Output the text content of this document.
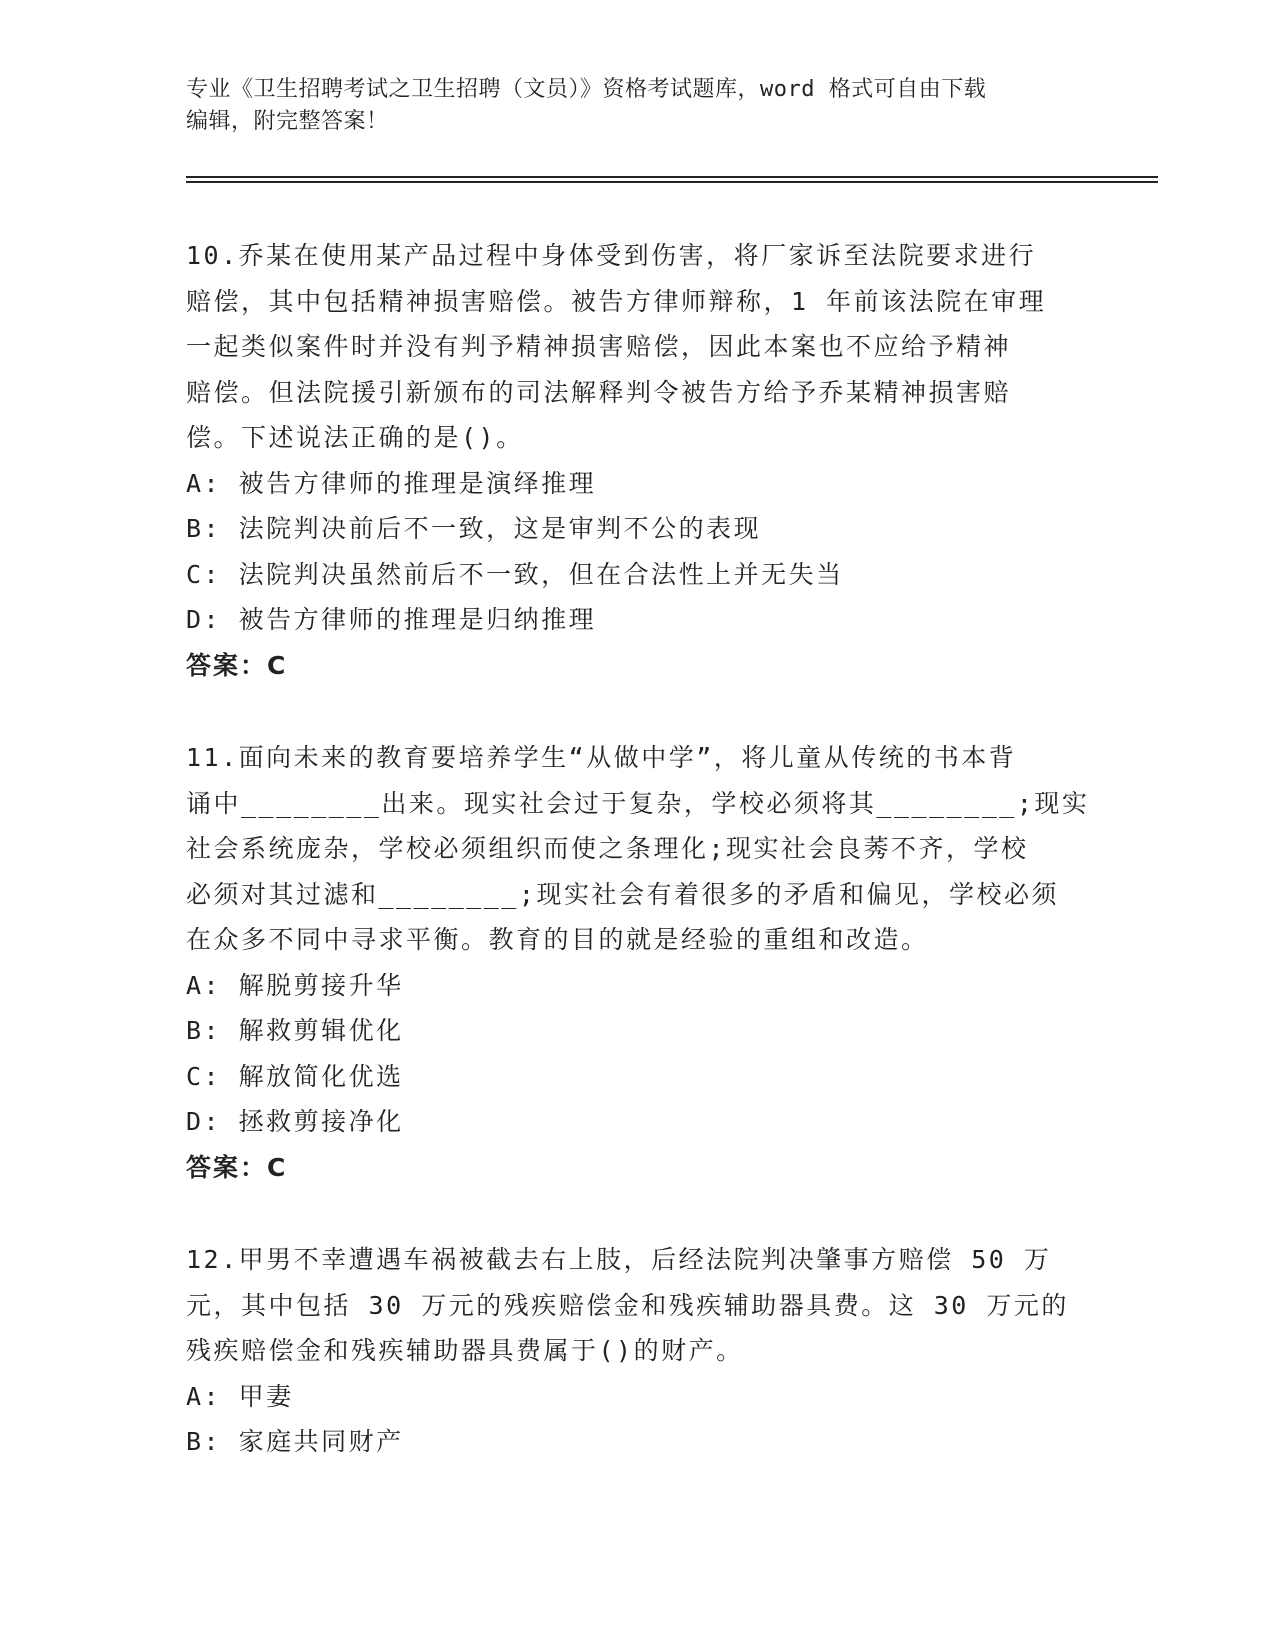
专业《卫生招聘考试之卫生招聘（文员）》资格考试题库，word 格式可自由下载
编辑，附完整答案！
10.乔某在使用某产品过程中身体受到伤害，将厂家诉至法院要求进行
赔偿，其中包括精神损害赔偿。被告方律师辩称，1 年前该法院在审理
一起类似案件时并没有判予精神损害赔偿，因此本案也不应给予精神
赔偿。但法院援引新颁布的司法解释判令被告方给予乔某精神损害赔
偿。下述说法正确的是()。
A: 被告方律师的推理是演绎推理
B: 法院判决前后不一致，这是审判不公的表现
C: 法院判决虽然前后不一致，但在合法性上并无失当
D: 被告方律师的推理是归纳推理
答案：C
11.面向未来的教育要培养学生“从做中学”，将儿童从传统的书本背
诵中________出来。现实社会过于复杂，学校必须将其________;现实
社会系统庞杂，学校必须组织而使之条理化;现实社会良莠不齐，学校
必须对其过滤和________;现实社会有着很多的矛盾和偏见，学校必须
在众多不同中寻求平衡。教育的目的就是经验的重组和改造。
A: 解脱剪接升华
B: 解救剪辑优化
C: 解放简化优选
D: 拯救剪接净化
答案：C
12.甲男不幸遭遇车祸被截去右上肢，后经法院判决肇事方赔偿 50 万
元，其中包括 30 万元的残疾赔偿金和残疾辅助器具费。这 30 万元的
残疾赔偿金和残疾辅助器具费属于()的财产。
A: 甲妻
B: 家庭共同财产
